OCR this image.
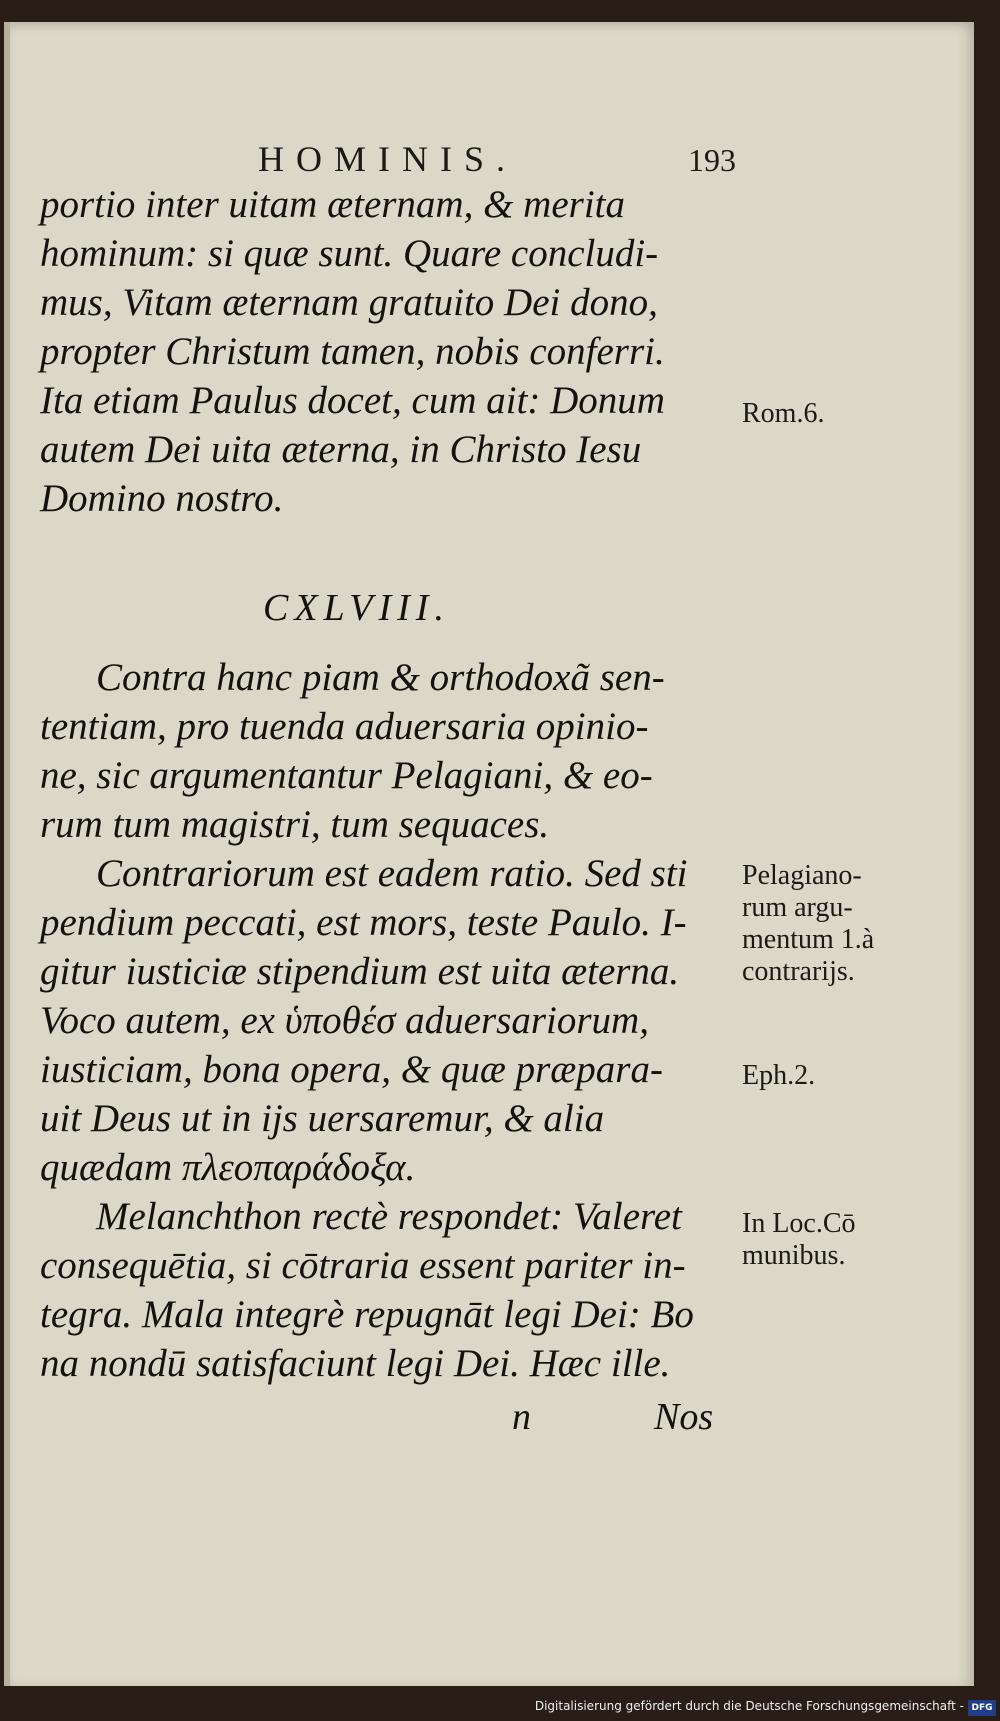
HOMINIS.	193
portio inter uitam æternam, & merita
hominum: si quæ sunt. Quare concludi-
mus, Vitam æternam gratuito Dei dono,
propter Christum tamen, nobis conferri.
Ita etiam Paulus docet, cum ait: Donum
autem Dei uita æterna, in Christo Iesu
Domino nostro.
CXLVIII.
Contra hanc piam & orthodoxã sen-
tentiam, pro tuenda aduersaria opinio-
ne, sic argumentantur Pelagiani, & eo-
rum tum magistri, tum sequaces.
Contrariorum est eadem ratio. Sed sti
pendium peccati, est mors, teste Paulo. I-
gitur iusticiæ stipendium est uita æterna.
Voco autem, ex ὑποθέσ aduersariorum,
iusticiam, bona opera, & quæ præpara-
uit Deus ut in ijs uersaremur, & alia
quædam πλεοπαράδοξα.
Melanchthon rectè respondet: Valeret
consequētia, si cōtraria essent pariter in-
tegra. Mala integrè repugnāt legi Dei: Bo
na nondū satisfaciunt legi Dei. Hæc ille.
n	Nos
Rom.6.
Pelagiano-
rum argu-
mentum 1.à
contrarijs.
Eph.2.
In Loc.Cō
munibus.
Digitalisierung gefördert durch die Deutsche Forschungsgemeinschaft - DFG
